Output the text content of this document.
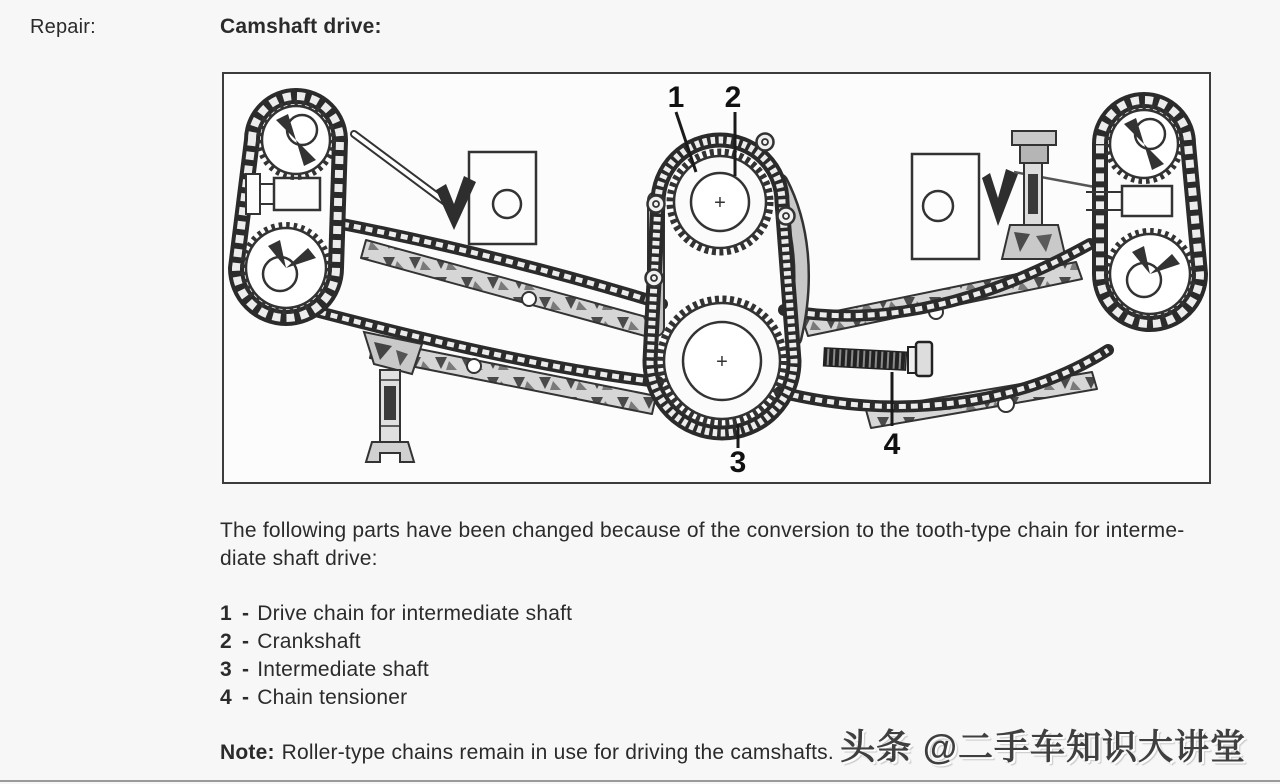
Repair:	Camshaft drive:
+
+
1 2
3
4
The following parts have been changed because of the conversion to the tooth-type chain for interme-
diate shaft drive:
1 - Drive chain for intermediate shaft
2 - Crankshaft
3 - Intermediate shaft
4 - Chain tensioner
Note: Roller-type chains remain in use for driving the camshafts. 头条 @二手车知识大讲堂
